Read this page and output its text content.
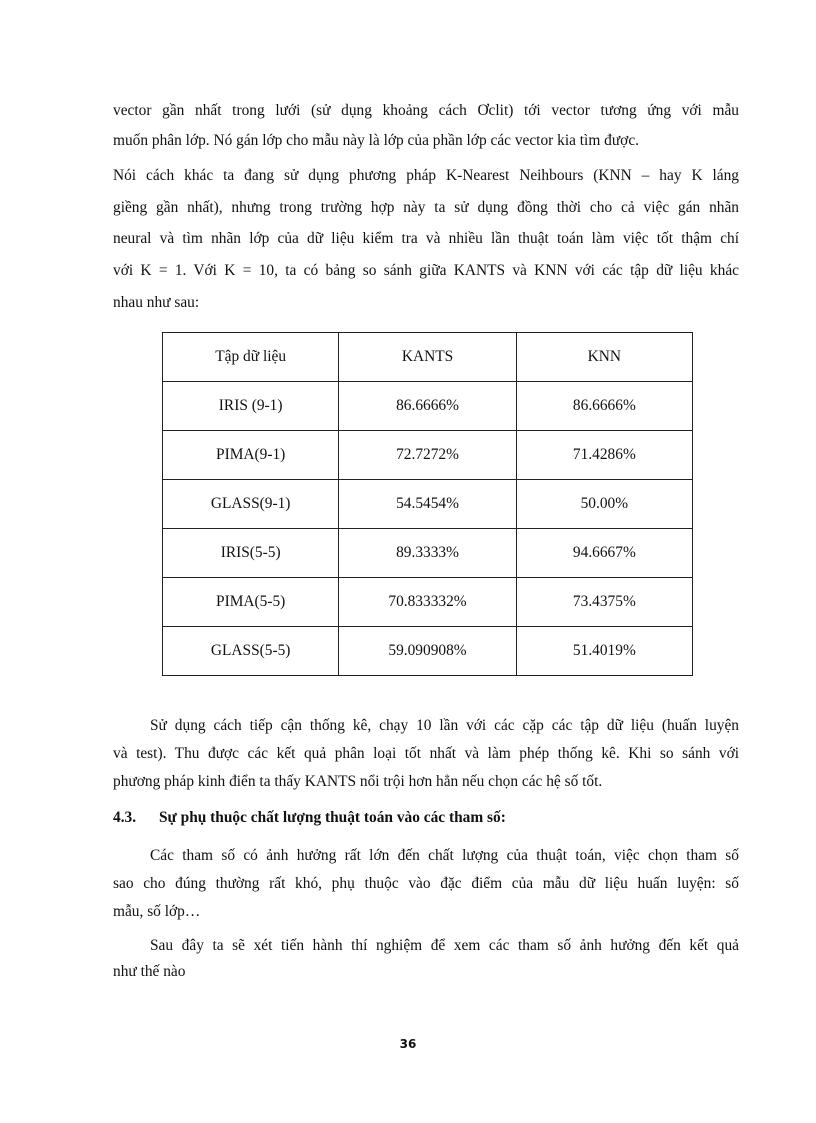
vector gần nhất trong lưới (sử dụng khoảng cách Ơclit) tới vector tương ứng với mẫu
muốn phân lớp. Nó gán lớp cho mẫu này là lớp của phần lớp các vector kia tìm được.
Nói cách khác ta đang sử dụng phương pháp K-Nearest Neihbours (KNN – hay K láng
giềng gần nhất), nhưng trong trường hợp này ta sử dụng đồng thời cho cả việc gán nhãn
neural và tìm nhãn lớp của dữ liệu kiểm tra và nhiều lần thuật toán làm việc tốt thậm chí
với K = 1. Với K = 10, ta có bảng so sánh giữa KANTS và KNN với các tập dữ liệu khác
nhau như sau:
Tập dữ liệu	KANTS	KNN
IRIS (9-1)	86.6666%	86.6666%
PIMA(9-1)	72.7272%	71.4286%
GLASS(9-1)	54.5454%	50.00%
IRIS(5-5)	89.3333%	94.6667%
PIMA(5-5)	70.833332%	73.4375%
GLASS(5-5)	59.090908%	51.4019%
Sử dụng cách tiếp cận thống kê, chạy 10 lần với các cặp các tập dữ liệu (huấn luyện
và test). Thu được các kết quả phân loại tốt nhất và làm phép thống kê. Khi so sánh với
phương pháp kinh điển ta thấy KANTS nổi trội hơn hẳn nếu chọn các hệ số tốt.
4.3. Sự phụ thuộc chất lượng thuật toán vào các tham số:
Các tham số có ảnh hưởng rất lớn đến chất lượng của thuật toán, việc chọn tham số
sao cho đúng thường rất khó, phụ thuộc vào đặc điểm của mẫu dữ liệu huấn luyện: số
mẫu, số lớp…
Sau đây ta sẽ xét tiến hành thí nghiệm để xem các tham số ảnh hưởng đến kết quả
như thế nào
36
